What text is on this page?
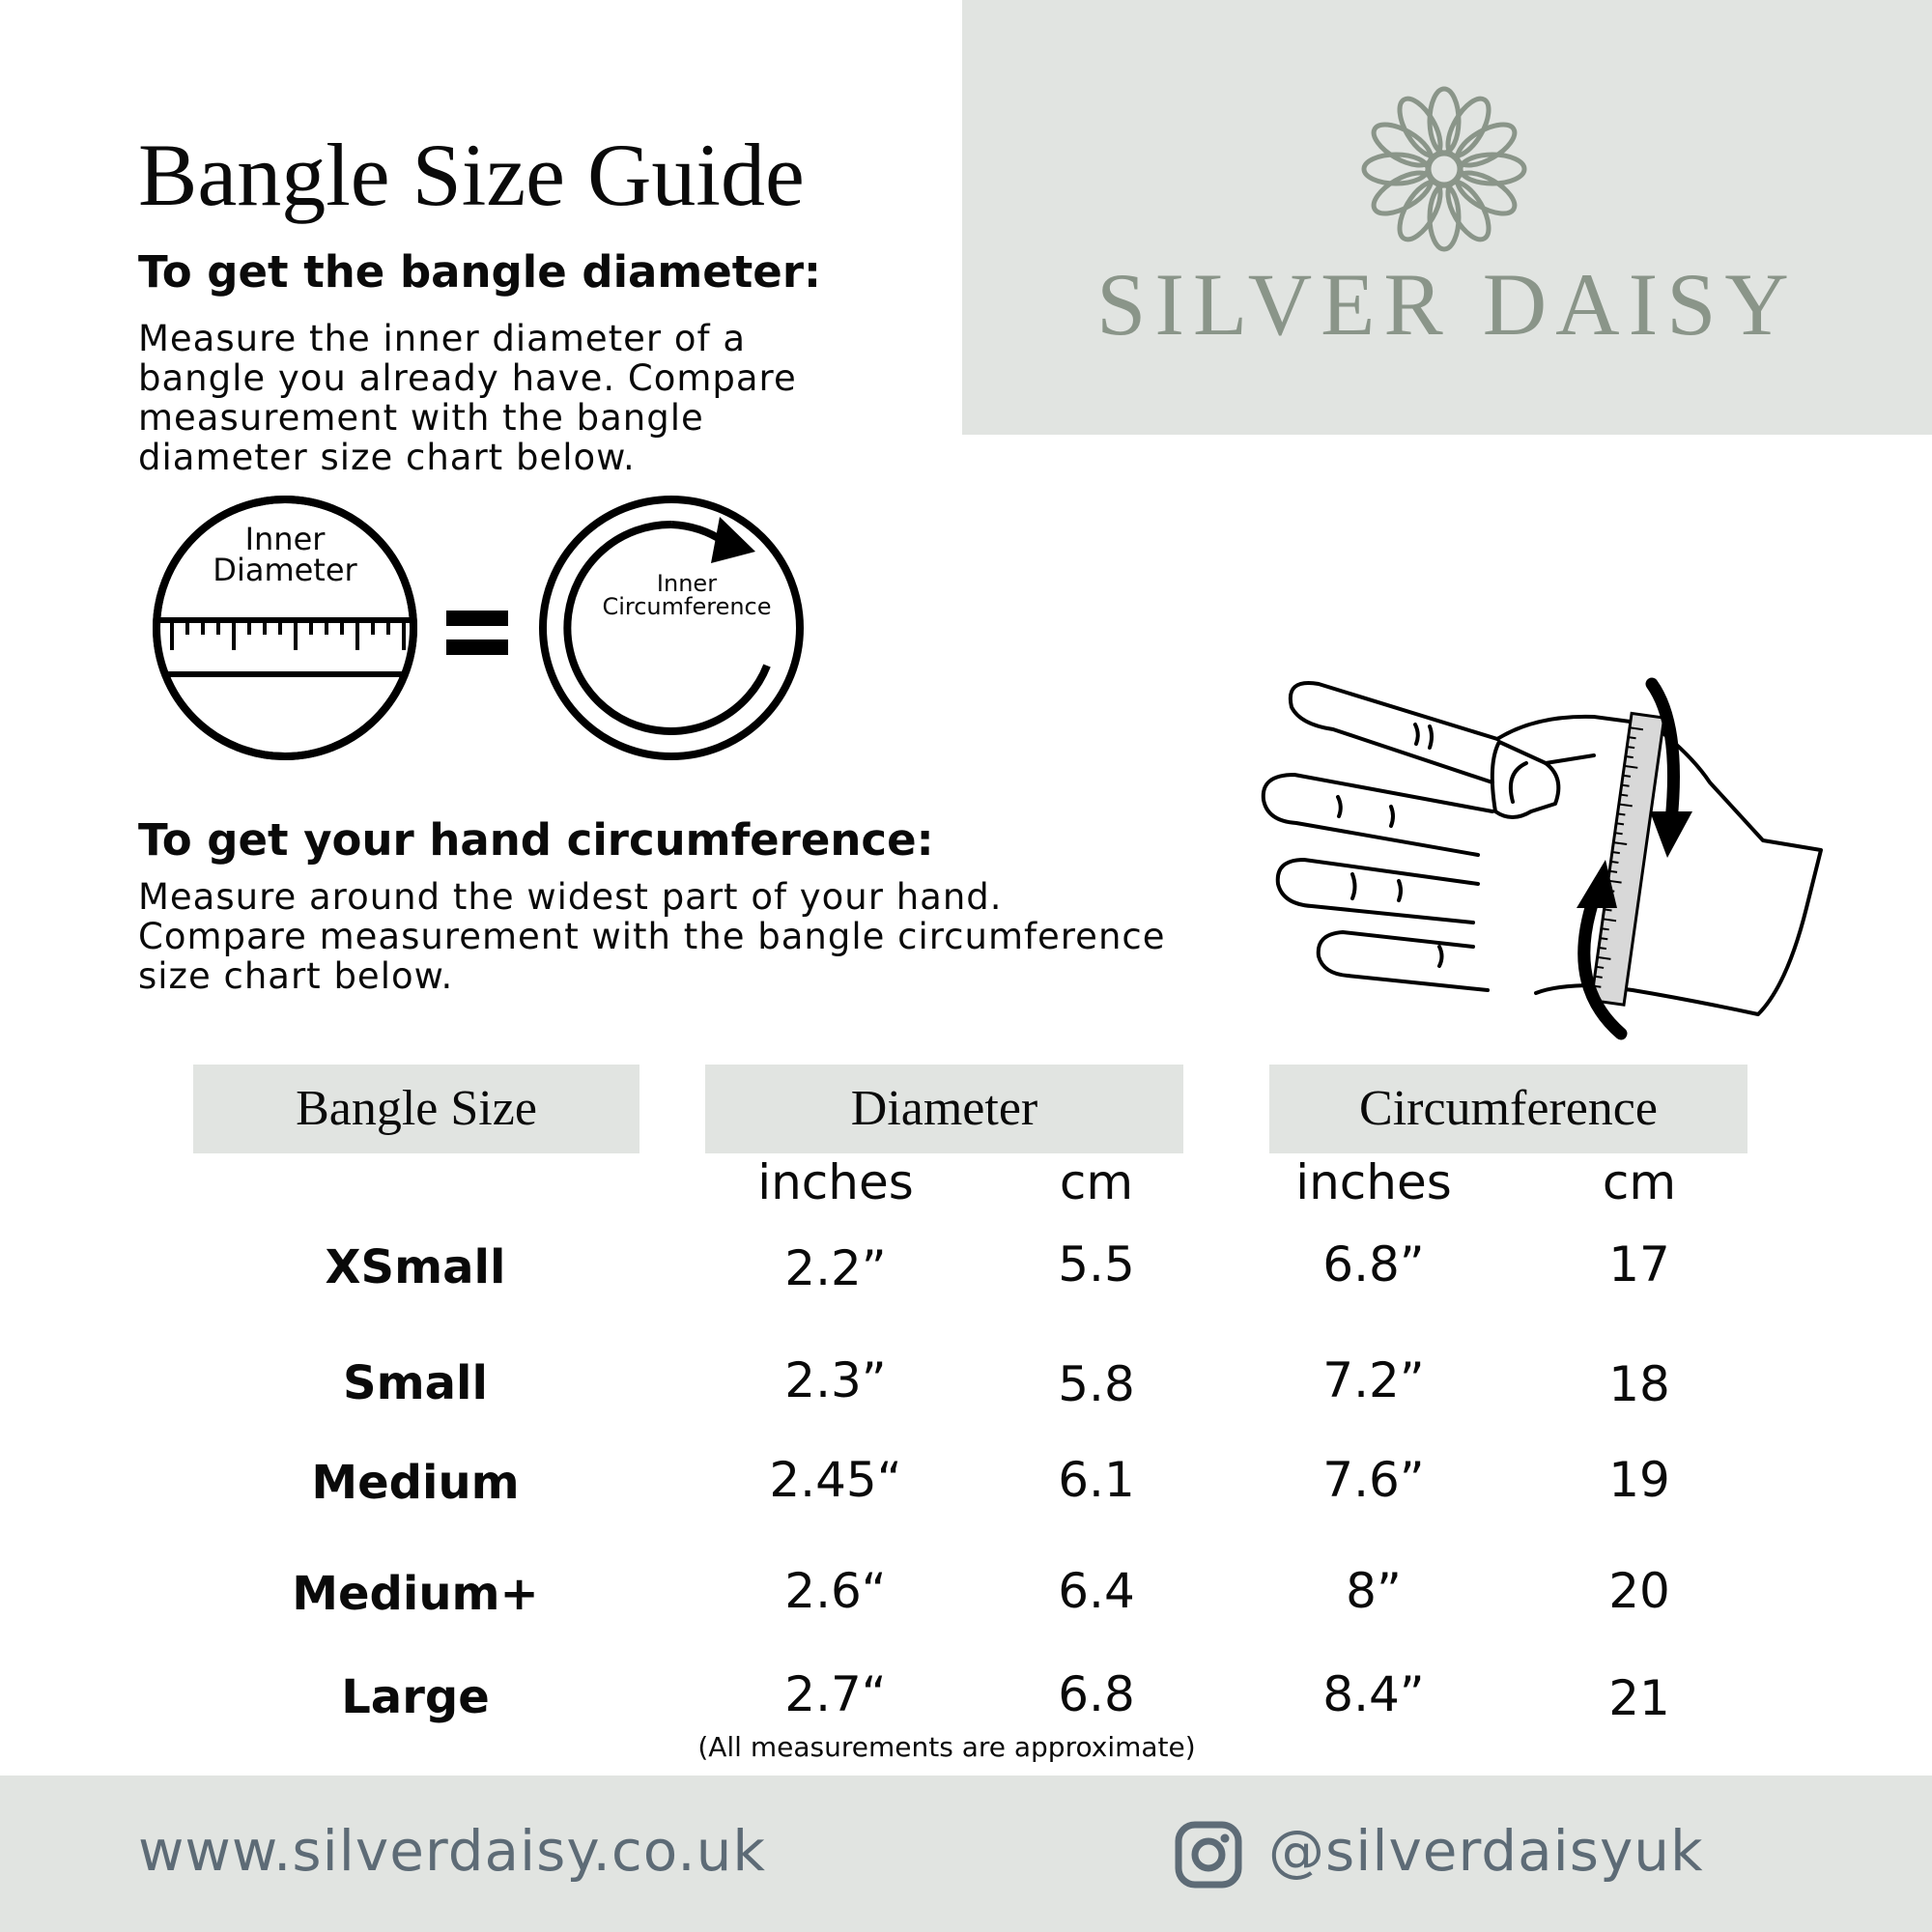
SILVER DAISY
Bangle Size Guide
To get the bangle diameter:
Measure the inner diameter of a
bangle you already have. Compare
measurement with the bangle
diameter size chart below.
Inner
Diameter	Inner
Circumference
To get your hand circumference:
Measure around the widest part of your hand.
Compare measurement with the bangle circumference
size chart below.
Bangle Size	Diameter	Circumference
inches	cm	inches	cm
XSmall	2.2”	5.5	6.8”	17
Small	2.3”	5.8	7.2”	18
Medium	2.45“	6.1	7.6”	19
Medium+	2.6“	6.4	8”	20
Large	2.7“	6.8	8.4”	21
(All measurements are approximate)
www.silverdaisy.co.uk	@silverdaisyuk
